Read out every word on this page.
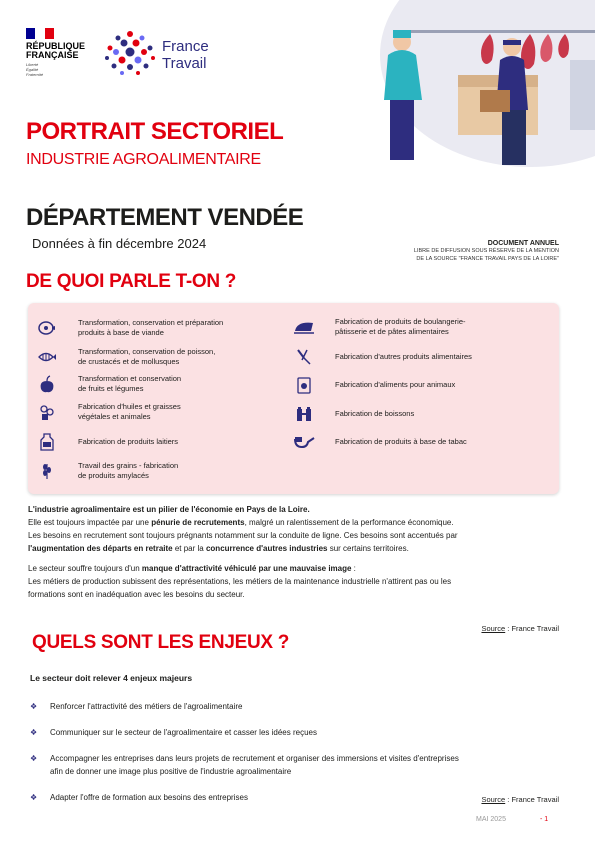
RÉPUBLIQUE
FRANÇAISE
Liberté
Égalité
Fraternité
France
Travail
PORTRAIT SECTORIEL
INDUSTRIE AGROALIMENTAIRE
DÉPARTEMENT VENDÉE
Données à fin décembre 2024	DOCUMENT ANNUEL
LIBRE DE DIFFUSION SOUS RÉSERVE DE LA MENTION
DE LA SOURCE "FRANCE TRAVAIL PAYS DE LA LOIRE"
DE QUOI PARLE T-ON ?
Transformation, conservation et préparation
produits à base de viande
Transformation, conservation de poisson,
de crustacés et de mollusques
Transformation et conservation
de fruits et légumes
Fabrication d'huiles et graisses
végétales et animales
Fabrication de produits laitiers
Travail des grains - fabrication
de produits amylacés
Fabrication de produits de boulangerie-
pâtisserie et de pâtes alimentaires
Fabrication d'autres produits alimentaires
Fabrication d'aliments pour animaux
Fabrication de boissons
Fabrication de produits à base de tabac

L'industrie agroalimentaire est un pilier de l'économie en Pays de la Loire.

Elle est toujours impactée par une pénurie de recrutements, malgré un ralentissement de la performance économique.

Les besoins en recrutement sont toujours prégnants notamment sur la conduite de ligne. Ces besoins sont accentués par

l'augmentation des départs en retraite et par la concurrence d'autres industries sur certains territoires.

Le secteur souffre toujours d'un manque d'attractivité véhiculé par une mauvaise image :

Les métiers de production subissent des représentations, les métiers de la maintenance industrielle n'attirent pas ou les

formations sont en inadéquation avec les besoins du secteur.

Source : France Travail
QUELS SONT LES ENJEUX ?
Le secteur doit relever 4 enjeux majeurs
❖	Renforcer l'attractivité des métiers de l'agroalimentaire
❖	Communiquer sur le secteur de l'agroalimentaire et casser les idées reçues
❖	Accompagner les entreprises dans leurs projets de recrutement et organiser des immersions et visites d'entreprises
afin de donner une image plus positive de l'industrie agroalimentaire
❖	Adapter l'offre de formation aux besoins des entreprises	Source : France Travail
MAI 2025	- 1
